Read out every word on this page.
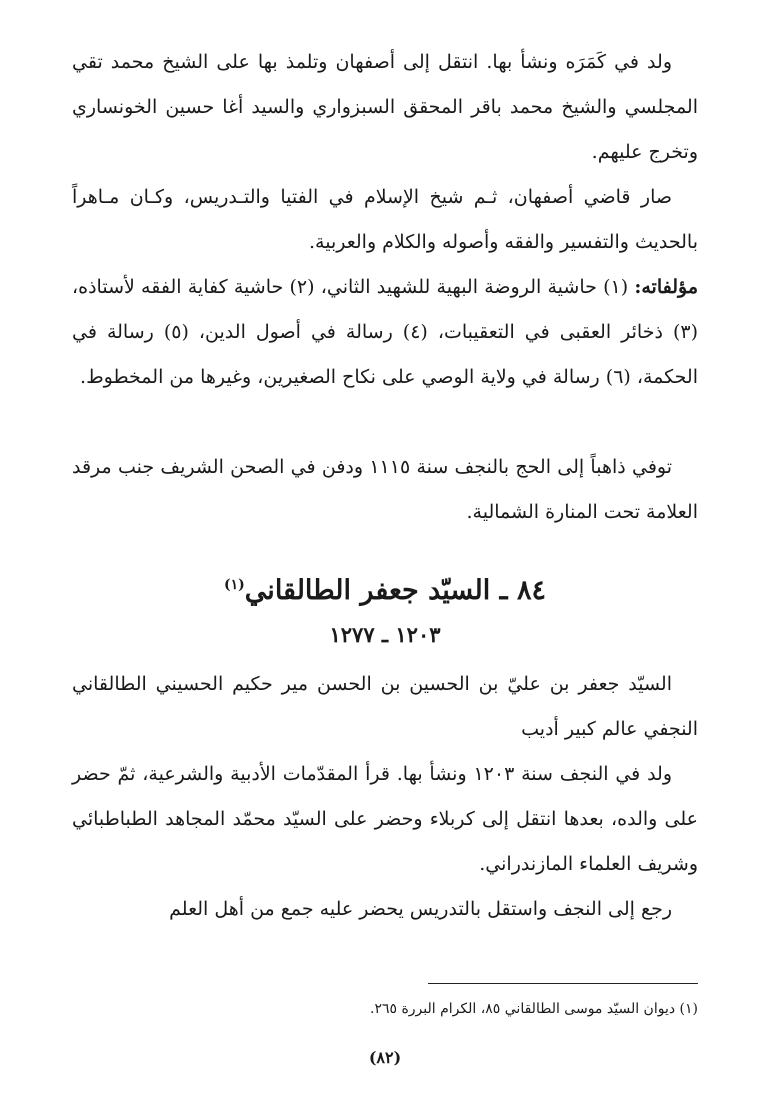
ولد في كَمَرَه ونشأ بها. انتقل إلى أصفهان وتلمذ بها على الشيخ محمد تقي المجلسي والشيخ محمد باقر المحقق السبزواري والسيد أغا حسين الخونساري وتخرج عليهم.

صار قاضي أصفهان، ثـم شيخ الإسلام في الفتيا والتـدريس، وكـان مـاهراً بالحديث والتفسير والفقه وأصوله والكلام والعربية.

مؤلفاته: (١) حاشية الروضة البهية للشهيد الثاني، (٢) حاشية كفاية الفقه لأستاذه، (٣) ذخائر العقبى في التعقيبات، (٤) رسالة في أصول الدين، (٥) رسالة في الحكمة، (٦) رسالة في ولاية الوصي على نكاح الصغيرين، وغيرها من المخطوط.

توفي ذاهباً إلى الحج بالنجف سنة ١١١٥ ودفن في الصحن الشريف جنب مرقد العلامة تحت المنارة الشمالية.

٨٤ ـ السيّد جعفر الطالقاني$^{(١)}$
١٢٠٣ ـ ١٢٧٧

السيّد جعفر بن عليّ بن الحسين بن الحسن مير حكيم الحسيني الطالقاني النجفي عالم كبير أديب

ولد في النجف سنة ١٢٠٣ ونشأ بها. قرأ المقدّمات الأدبية والشرعية، ثمّ حضر على والده، بعدها انتقل إلى كربلاء وحضر على السيّد محمّد المجاهد الطباطبائي وشريف العلماء المازندراني.

رجع إلى النجف واستقل بالتدريس يحضر عليه جمع من أهل العلم

(١) ديوان السيّد موسى الطالقاني ٨٥، الكرام البررة ٢٦٥.

(٨٢)
